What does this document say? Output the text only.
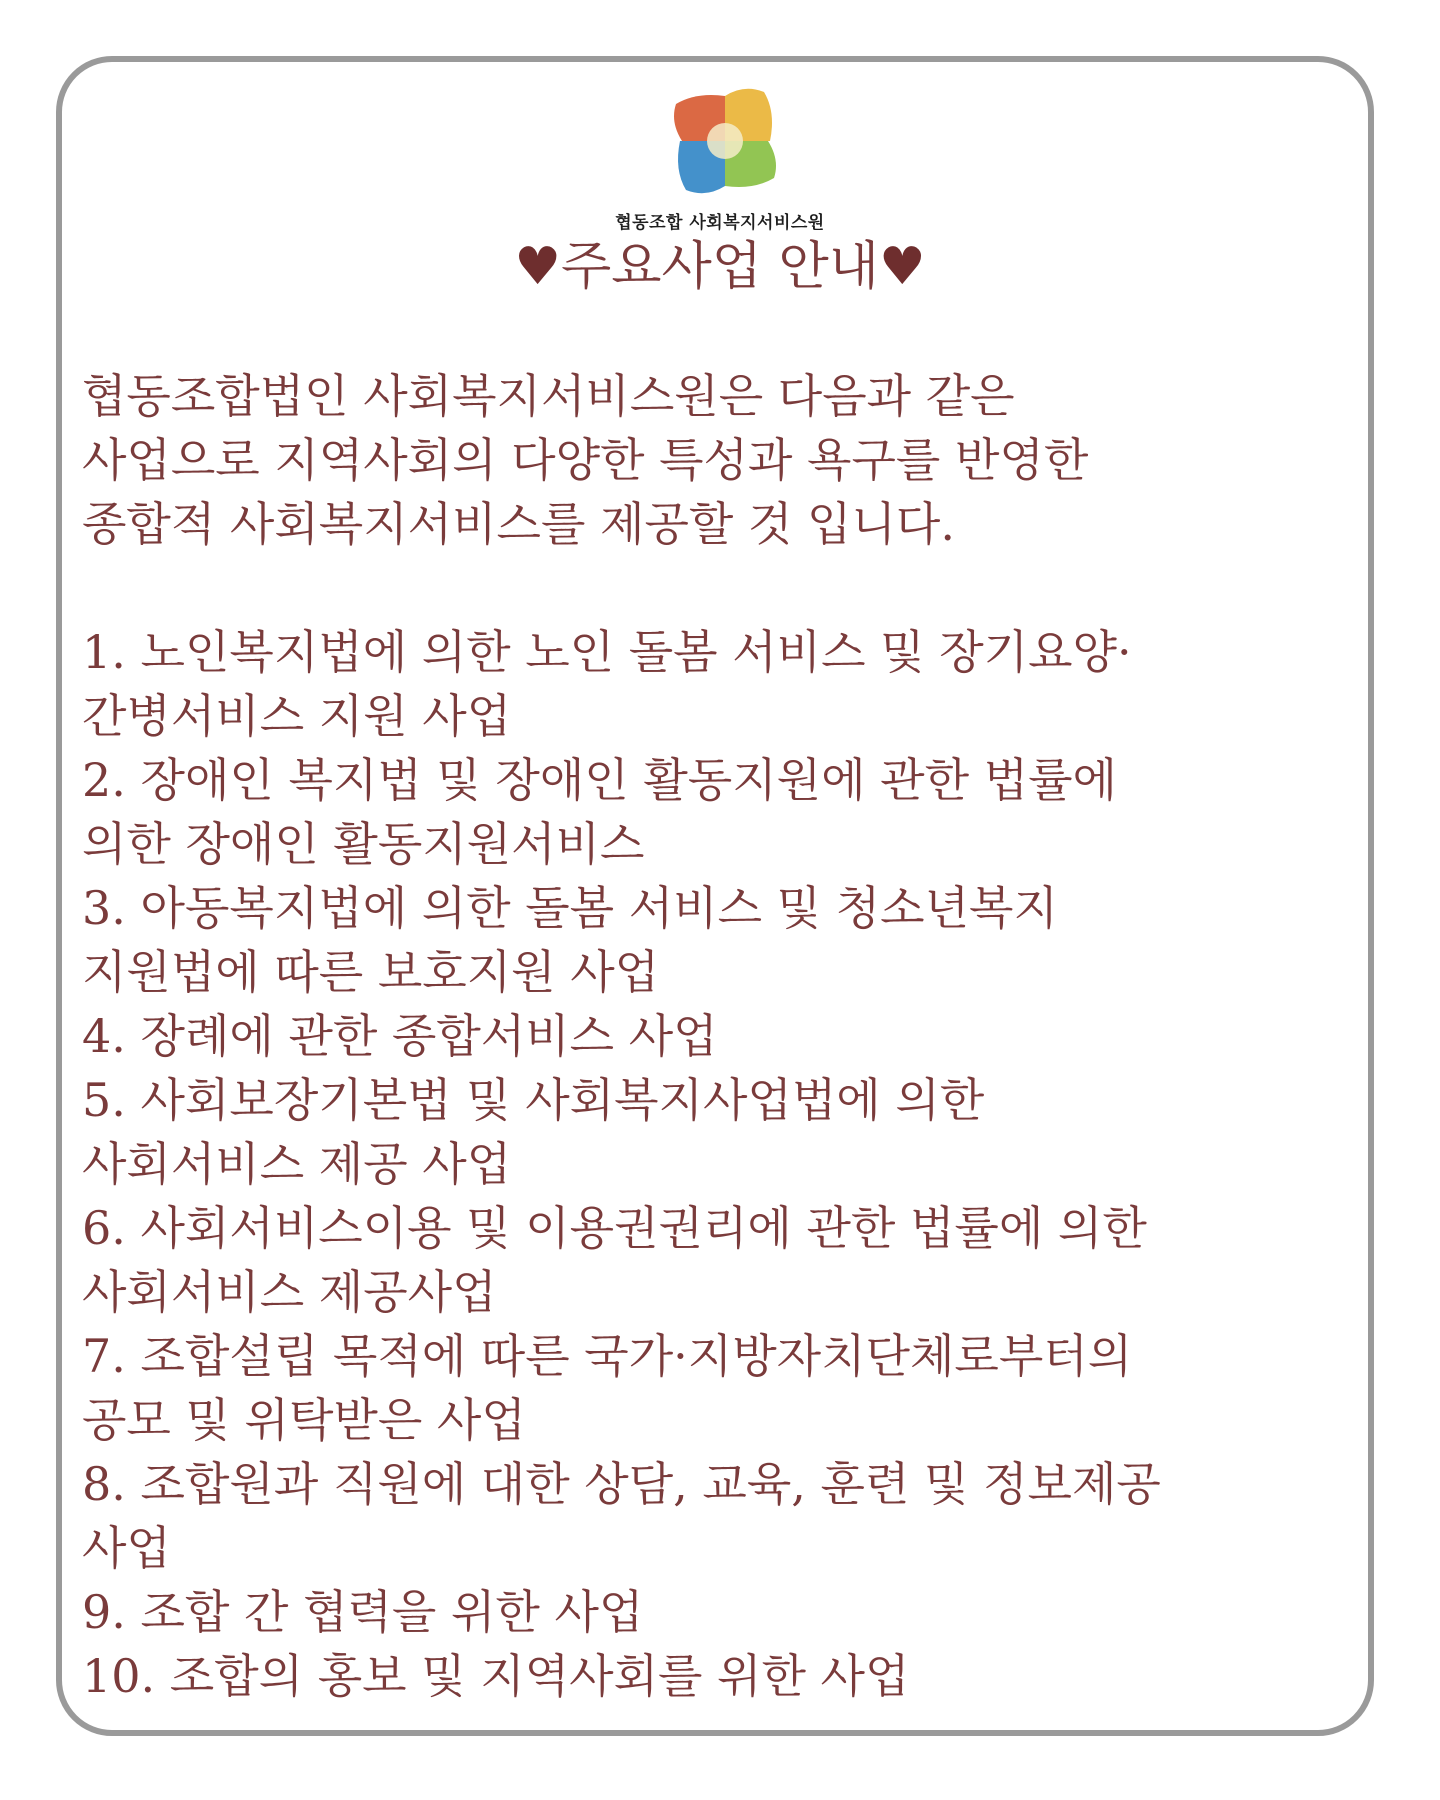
협동조합 사회복지서비스원
♥주요사업 안내♥
협동조합법인 사회복지서비스원은 다음과 같은
사업으로 지역사회의 다양한 특성과 욕구를 반영한
종합적 사회복지서비스를 제공할 것 입니다.
1. 노인복지법에 의한 노인 돌봄 서비스 및 장기요양·
간병서비스 지원 사업
2. 장애인 복지법 및 장애인 활동지원에 관한 법률에
의한 장애인 활동지원서비스
3. 아동복지법에 의한 돌봄 서비스 및 청소년복지
지원법에 따른 보호지원 사업
4. 장례에 관한 종합서비스 사업
5. 사회보장기본법 및 사회복지사업법에 의한
사회서비스 제공 사업
6. 사회서비스이용 및 이용권권리에 관한 법률에 의한
사회서비스 제공사업
7. 조합설립 목적에 따른 국가·지방자치단체로부터의
공모 및 위탁받은 사업
8. 조합원과 직원에 대한 상담, 교육, 훈련 및 정보제공
사업
9. 조합 간 협력을 위한 사업
10. 조합의 홍보 및 지역사회를 위한 사업
